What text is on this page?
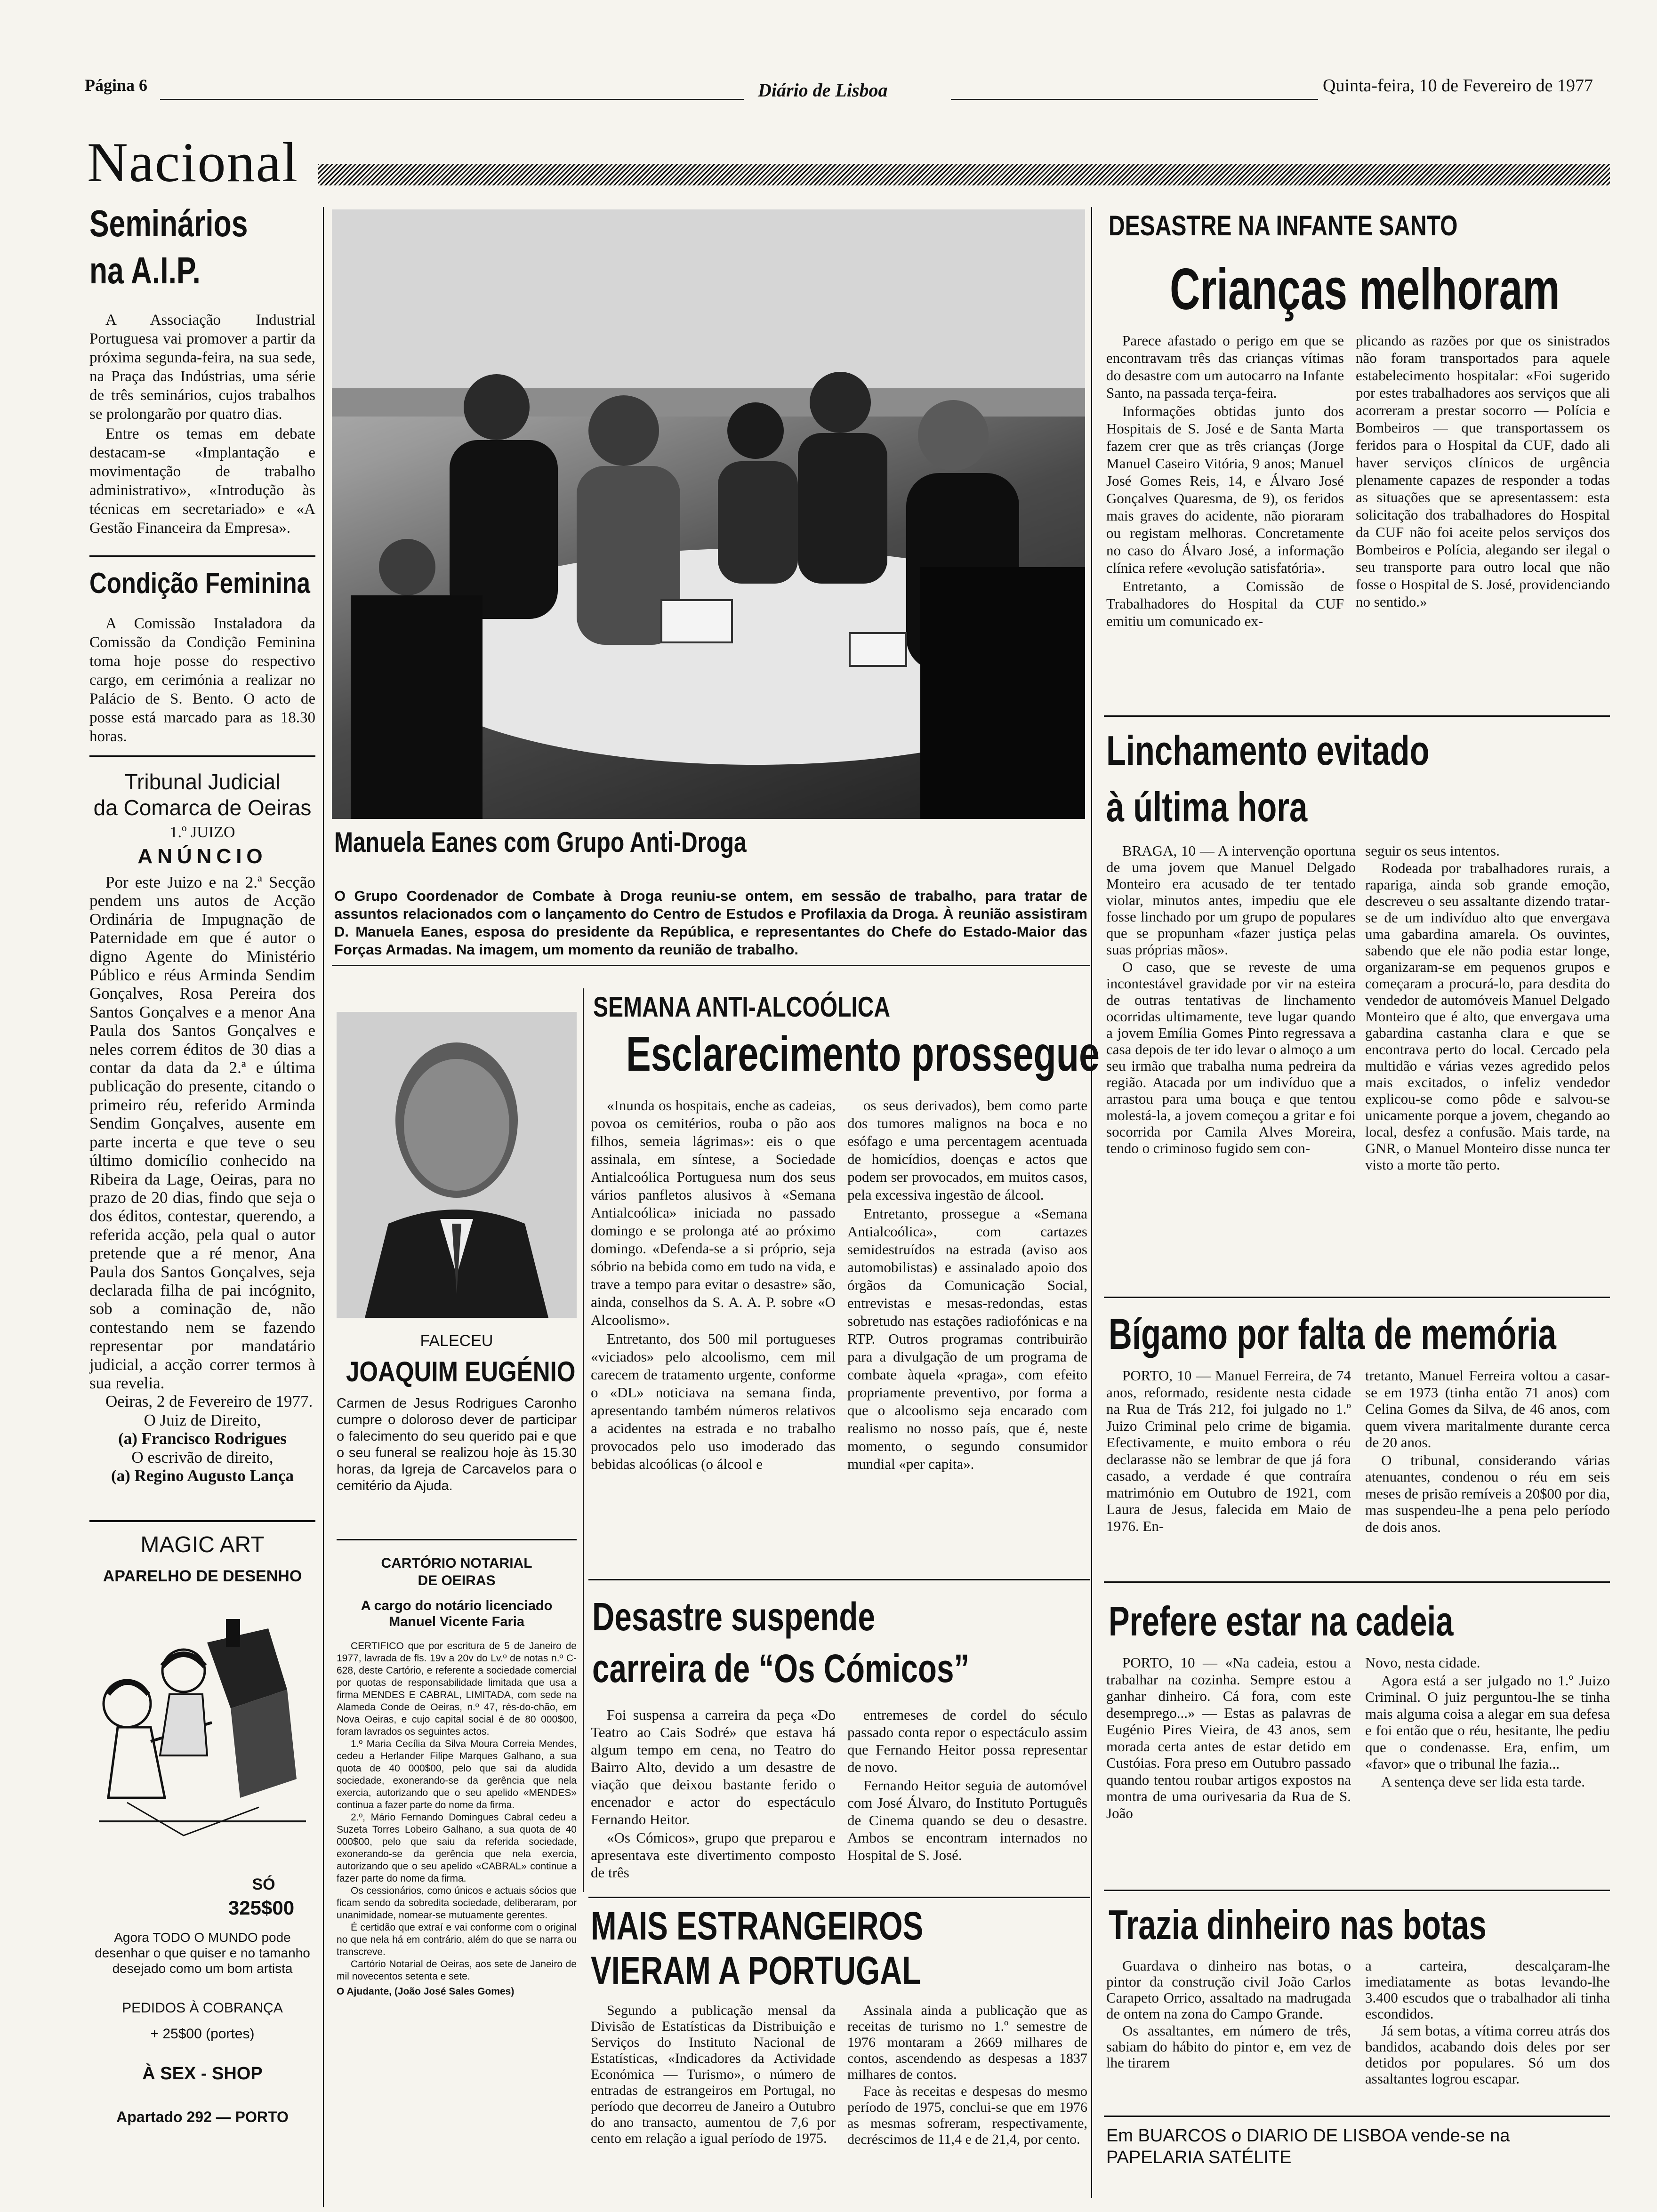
Página 6	Diário de Lisboa	Quinta-feira, 10 de Fevereiro de 1977
Nacional
Seminários
na A.I.P.

A Associação Industrial Portuguesa vai promover a partir da próxima segunda-feira, na sua sede, na Praça das Indústrias, uma série de três seminários, cujos trabalhos se prolongarão por quatro dias.

Entre os temas em debate destacam-se «Implantação e movimentação de trabalho administrativo», «Introdução às técnicas em secretariado» e «A Gestão Financeira da Empresa».

Condição Feminina

A Comissão Instaladora da Comissão da Condição Feminina toma hoje posse do respectivo cargo, em cerimónia a realizar no Palácio de S. Bento. O acto de posse está marcado para as 18.30 horas.

Tribunal Judicial
da Comarca de Oeiras
1.º JUIZO
ANÚNCIO

Por este Juizo e na 2.ª Secção pendem uns autos de Acção Ordinária de Impugnação de Paternidade em que é autor o digno Agente do Ministério Público e réus Arminda Sendim Gonçalves, Rosa Pereira dos Santos Gonçalves e a menor Ana Paula dos Santos Gonçalves e neles correm éditos de 30 dias a contar da data da 2.ª e última publicação do presente, citando o primeiro réu, referido Arminda Sendim Gonçalves, ausente em parte incerta e que teve o seu último domicílio conhecido na Ribeira da Lage, Oeiras, para no prazo de 20 dias, findo que seja o dos éditos, contestar, querendo, a referida acção, pela qual o autor pretende que a ré menor, Ana Paula dos Santos Gonçalves, seja declarada filha de pai incógnito, sob a cominação de, não contestando nem se fazendo representar por mandatário judicial, a acção correr termos à sua revelia.

Oeiras, 2 de Fevereiro de 1977.

O Juiz de Direito,
(a) Francisco Rodrigues
O escrivão de direito,
(a) Regino Augusto Lança
MAGIC ART
APARELHO DE DESENHO
SÓ
325$00
Agora TODO O MUNDO pode desenhar o que quiser e no tamanho desejado como um bom artista
PEDIDOS À COBRANÇA
+ 25$00 (portes)
À SEX - SHOP
Apartado 292 — PORTO
Manuela Eanes com Grupo Anti-Droga
O Grupo Coordenador de Combate à Droga reuniu-se ontem, em sessão de trabalho, para tratar de assuntos relacionados com o lançamento do Centro de Estudos e Profilaxia da Droga. À reunião assistiram D. Manuela Eanes, esposa do presidente da República, e representantes do Chefe do Estado-Maior das Forças Armadas. Na imagem, um momento da reunião de trabalho.
FALECEU
JOAQUIM EUGÉNIO
Carmen de Jesus Rodrigues Caronho cumpre o doloroso dever de participar o falecimento do seu querido pai e que o seu funeral se realizou hoje às 15.30 horas, da Igreja de Carcavelos para o cemitério da Ajuda.
CARTÓRIO NOTARIAL
DE OEIRAS
A cargo do notário licenciado Manuel Vicente Faria

CERTIFICO que por escritura de 5 de Janeiro de 1977, lavrada de fls. 19v a 20v do Lv.º de notas n.º C-628, deste Cartório, e referente a sociedade comercial por quotas de responsabilidade limitada que usa a firma MENDES E CABRAL, LIMITADA, com sede na Alameda Conde de Oeiras, n.º 47, rés-do-chão, em Nova Oeiras, e cujo capital social é de 80 000$00, foram lavrados os seguintes actos.

1.º Maria Cecília da Silva Moura Correia Mendes, cedeu a Herlander Filipe Marques Galhano, a sua quota de 40 000$00, pelo que sai da aludida sociedade, exonerando-se da gerência que nela exercia, autorizando que o seu apelido «MENDES» continua a fazer parte do nome da firma.

2.º, Mário Fernando Domingues Cabral cedeu a Suzeta Torres Lobeiro Galhano, a sua quota de 40 000$00, pelo que saiu da referida sociedade, exonerando-se da gerência que nela exercia, autorizando que o seu apelido «CABRAL» continue a fazer parte do nome da firma.

Os cessionários, como únicos e actuais sócios que ficam sendo da sobredita sociedade, deliberaram, por unanimidade, nomear-se mutuamente gerentes.

É certidão que extraí e vai conforme com o original no que nela há em contrário, além do que se narra ou transcreve.

Cartório Notarial de Oeiras, aos sete de Janeiro de mil novecentos setenta e sete.

O Ajudante, (João José Sales Gomes)

SEMANA ANTI-ALCOÓLICA
Esclarecimento prossegue

«Inunda os hospitais, enche as cadeias, povoa os cemitérios, rouba o pão aos filhos, semeia lágrimas»: eis o que assinala, em síntese, a Sociedade Antialcoólica Portuguesa num dos seus vários panfletos alusivos à «Semana Antialcoólica» iniciada no passado domingo e se prolonga até ao próximo domingo. «Defenda-se a si próprio, seja sóbrio na bebida como em tudo na vida, e trave a tempo para evitar o desastre» são, ainda, conselhos da S. A. A. P. sobre «O Alcoolismo».

Entretanto, dos 500 mil portugueses «viciados» pelo alcoolismo, cem mil carecem de tratamento urgente, conforme o «DL» noticiava na semana finda, apresentando também números relativos a acidentes na estrada e no trabalho provocados pelo uso imoderado das bebidas alcoólicas (o álcool e

os seus derivados), bem como parte dos tumores malignos na boca e no esófago e uma percentagem acentuada de homicídios, doenças e actos que podem ser provocados, em muitos casos, pela excessiva ingestão de álcool.

Entretanto, prossegue a «Semana Antialcoólica», com cartazes semidestruídos na estrada (aviso aos automobilistas) e assinalado apoio dos órgãos da Comunicação Social, entrevistas e mesas-redondas, estas sobretudo nas estações radiofónicas e na RTP. Outros programas contribuirão para a divulgação de um programa de combate àquela «praga», com efeito propriamente preventivo, por forma a que o alcoolismo seja encarado com realismo no nosso país, que é, neste momento, o segundo consumidor mundial «per capita».

Desastre suspende
carreira de “Os Cómicos”

Foi suspensa a carreira da peça «Do Teatro ao Cais Sodré» que estava há algum tempo em cena, no Teatro do Bairro Alto, devido a um desastre de viação que deixou bastante ferido o encenador e actor do espectáculo Fernando Heitor.

«Os Cómicos», grupo que preparou e apresentava este divertimento composto de três

entremeses de cordel do século passado conta repor o espectáculo assim que Fernando Heitor possa representar de novo.

Fernando Heitor seguia de automóvel com José Álvaro, do Instituto Português de Cinema quando se deu o desastre. Ambos se encontram internados no Hospital de S. José.

MAIS ESTRANGEIROS
VIERAM A PORTUGAL

Segundo a publicação mensal da Divisão de Estatísticas da Distribuição e Serviços do Instituto Nacional de Estatísticas, «Indicadores da Actividade Económica — Turismo», o número de entradas de estrangeiros em Portugal, no período que decorreu de Janeiro a Outubro do ano transacto, aumentou de 7,6 por cento em relação a igual período de 1975.

Assinala ainda a publicação que as receitas de turismo no 1.º semestre de 1976 montaram a 2669 milhares de contos, ascendendo as despesas a 1837 milhares de contos.

Face às receitas e despesas do mesmo período de 1975, conclui-se que em 1976 as mesmas sofreram, respectivamente, decréscimos de 11,4 e de 21,4, por cento.

DESASTRE NA INFANTE SANTO
Crianças melhoram

Parece afastado o perigo em que se encontravam três das crianças vítimas do desastre com um autocarro na Infante Santo, na passada terça-feira.

Informações obtidas junto dos Hospitais de S. José e de Santa Marta fazem crer que as três crianças (Jorge Manuel Caseiro Vitória, 9 anos; Manuel José Gomes Reis, 14, e Álvaro José Gonçalves Quaresma, de 9), os feridos mais graves do acidente, não pioraram ou registam melhoras. Concretamente no caso do Álvaro José, a informação clínica refere «evolução satisfatória».

Entretanto, a Comissão de Trabalhadores do Hospital da CUF emitiu um comunicado ex-

plicando as razões por que os sinistrados não foram transportados para aquele estabelecimento hospitalar: «Foi sugerido por estes trabalhadores aos serviços que ali acorreram a prestar socorro — Polícia e Bombeiros — que transportassem os feridos para o Hospital da CUF, dado ali haver serviços clínicos de urgência plenamente capazes de responder a todas as situações que se apresentassem: esta solicitação dos trabalhadores do Hospital da CUF não foi aceite pelos serviços dos Bombeiros e Polícia, alegando ser ilegal o seu transporte para outro local que não fosse o Hospital de S. José, providenciando no sentido.»

Linchamento evitado
à última hora

BRAGA, 10 — A intervenção oportuna de uma jovem que Manuel Delgado Monteiro era acusado de ter tentado violar, minutos antes, impediu que ele fosse linchado por um grupo de populares que se propunham «fazer justiça pelas suas próprias mãos».

O caso, que se reveste de uma incontestável gravidade por vir na esteira de outras tentativas de linchamento ocorridas ultimamente, teve lugar quando a jovem Emília Gomes Pinto regressava a casa depois de ter ido levar o almoço a um seu irmão que trabalha numa pedreira da região. Atacada por um indivíduo que a arrastou para uma bouça e que tentou molestá-la, a jovem começou a gritar e foi socorrida por Camila Alves Moreira, tendo o criminoso fugido sem con-

seguir os seus intentos.

Rodeada por trabalhadores rurais, a rapariga, ainda sob grande emoção, descreveu o seu assaltante dizendo tratar-se de um indivíduo alto que envergava uma gabardina amarela. Os ouvintes, sabendo que ele não podia estar longe, organizaram-se em pequenos grupos e começaram a procurá-lo, para desdita do vendedor de automóveis Manuel Delgado Monteiro que é alto, que envergava uma gabardina castanha clara e que se encontrava perto do local. Cercado pela multidão e várias vezes agredido pelos mais excitados, o infeliz vendedor explicou-se como pôde e salvou-se unicamente porque a jovem, chegando ao local, desfez a confusão. Mais tarde, na GNR, o Manuel Monteiro disse nunca ter visto a morte tão perto.

Bígamo por falta de memória

PORTO, 10 — Manuel Ferreira, de 74 anos, reformado, residente nesta cidade na Rua de Trás 212, foi julgado no 1.º Juizo Criminal pelo crime de bigamia. Efectivamente, e muito embora o réu declarasse não se lembrar de que já fora casado, a verdade é que contraíra matrimónio em Outubro de 1921, com Laura de Jesus, falecida em Maio de 1976. En-

tretanto, Manuel Ferreira voltou a casar-se em 1973 (tinha então 71 anos) com Celina Gomes da Silva, de 46 anos, com quem vivera maritalmente durante cerca de 20 anos.

O tribunal, considerando várias atenuantes, condenou o réu em seis meses de prisão remíveis a 20$00 por dia, mas suspendeu-lhe a pena pelo período de dois anos.

Prefere estar na cadeia

PORTO, 10 — «Na cadeia, estou a trabalhar na cozinha. Sempre estou a ganhar dinheiro. Cá fora, com este desemprego...» — Estas as palavras de Eugénio Pires Vieira, de 43 anos, sem morada certa antes de estar detido em Custóias. Fora preso em Outubro passado quando tentou roubar artigos expostos na montra de uma ourivesaria da Rua de S. João

Novo, nesta cidade.

Agora está a ser julgado no 1.º Juizo Criminal. O juiz perguntou-lhe se tinha mais alguma coisa a alegar em sua defesa e foi então que o réu, hesitante, lhe pediu que o condenasse. Era, enfim, um «favor» que o tribunal lhe fazia...

A sentença deve ser lida esta tarde.

Trazia dinheiro nas botas

Guardava o dinheiro nas botas, o pintor da construção civil João Carlos Carapeto Orrico, assaltado na madrugada de ontem na zona do Campo Grande.

Os assaltantes, em número de três, sabiam do hábito do pintor e, em vez de lhe tirarem

a carteira, descalçaram-lhe imediatamente as botas levando-lhe 3.400 escudos que o trabalhador ali tinha escondidos.

Já sem botas, a vítima correu atrás dos bandidos, acabando dois deles por ser detidos por populares. Só um dos assaltantes logrou escapar.

Em BUARCOS o DIARIO DE LISBOA vende-se na PAPELARIA SATÉLITE
